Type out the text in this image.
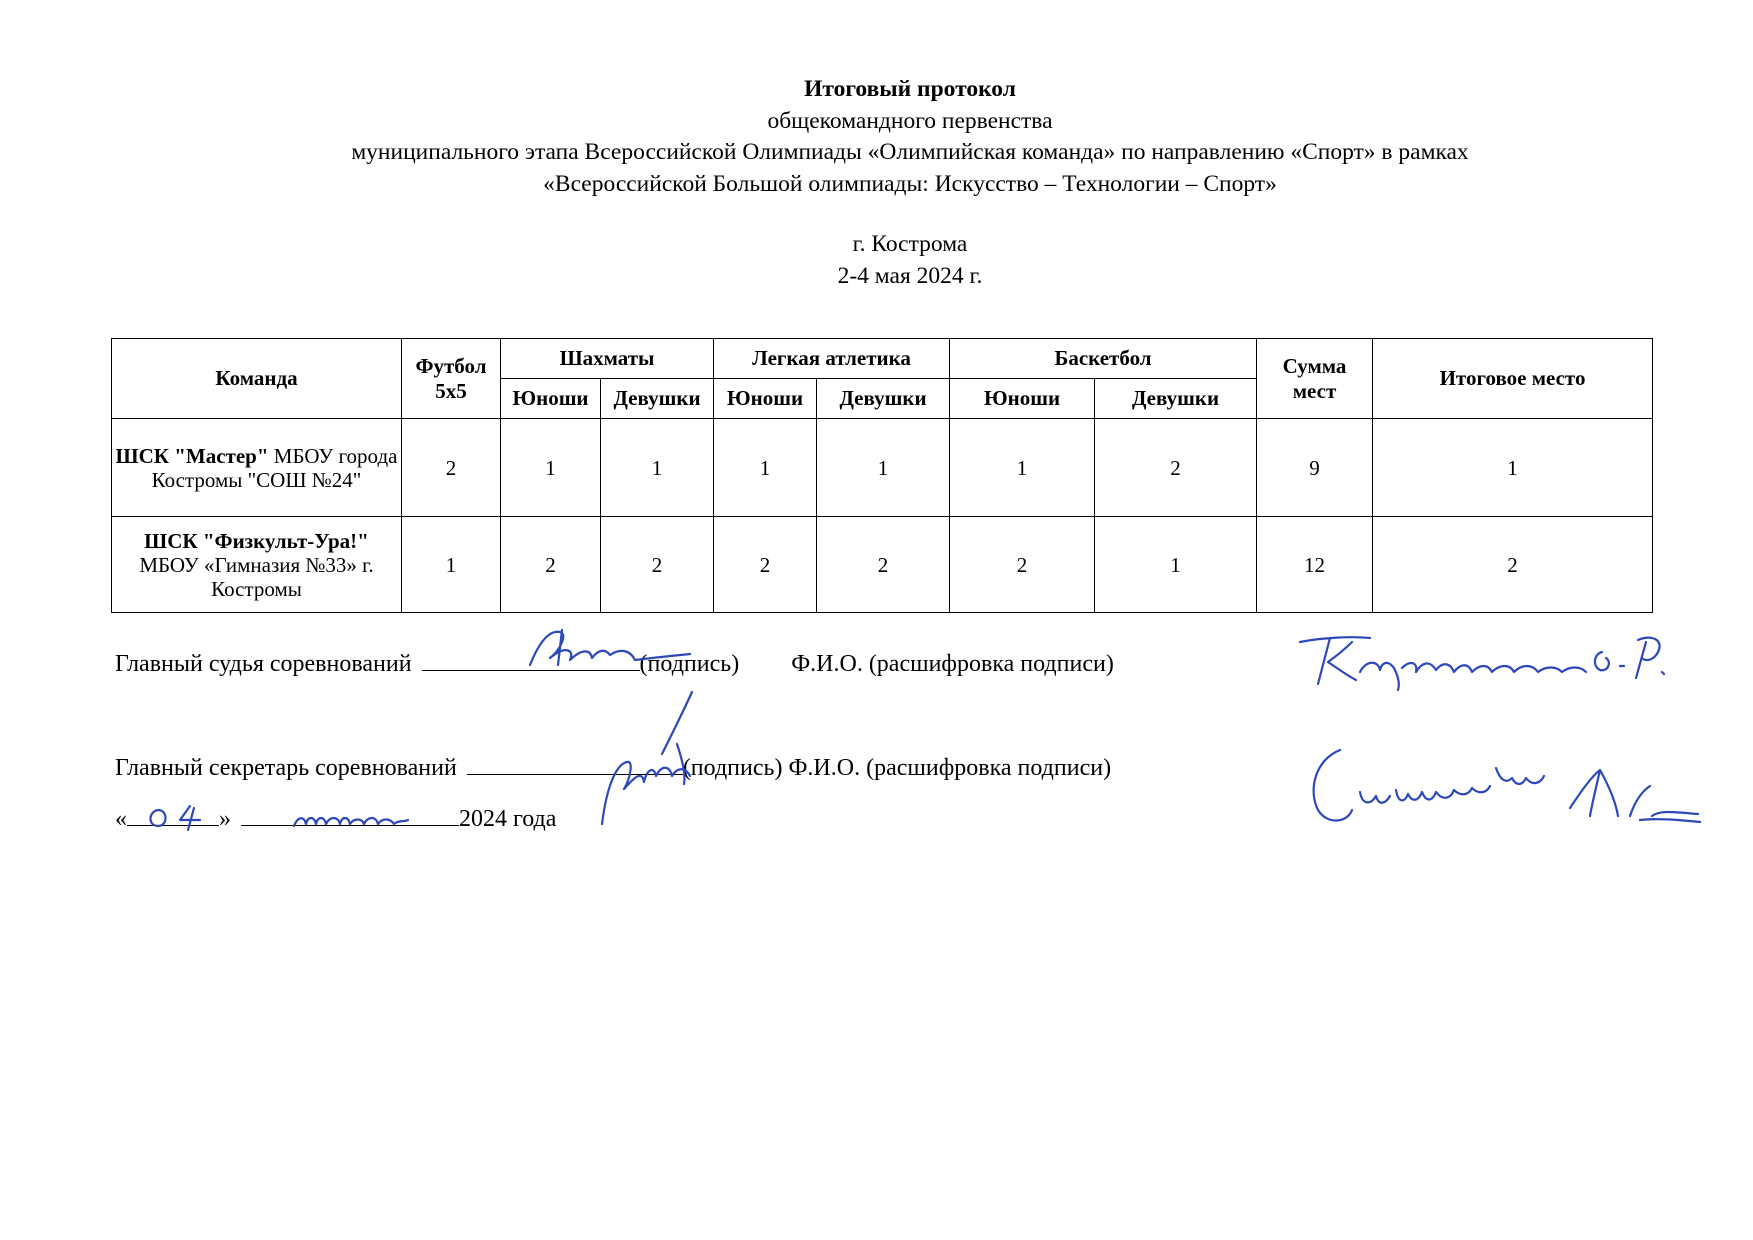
Итоговый протокол
общекомандного первенства
муниципального этапа Всероссийской Олимпиады «Олимпийская команда» по направлению «Спорт» в рамках
«Всероссийской Большой олимпиады: Искусство – Технологии – Спорт»
г. Кострома
2-4 мая 2024 г.
Команда	Футбол 5х5	Шахматы		Легкая атлетика		Баскетбол		Сумма мест	Итоговое место
		Юноши	Девушки	Юноши	Девушки	Юноши	Девушки		
ШСК "Мастер" МБОУ города Костромы "СОШ №24"	2	1	1	1	1	1	2	9	1
ШСК "Физкульт-Ура!" МБОУ «Гимназия №33» г. Костромы	1	2	2	2	2	2	1	12	2
Главный судья соревнований	(подпись) Ф.И.О. (расшифровка подписи)
Главный секретарь соревнований	(подпись) Ф.И.О. (расшифровка подписи)
«	»	2024 года
